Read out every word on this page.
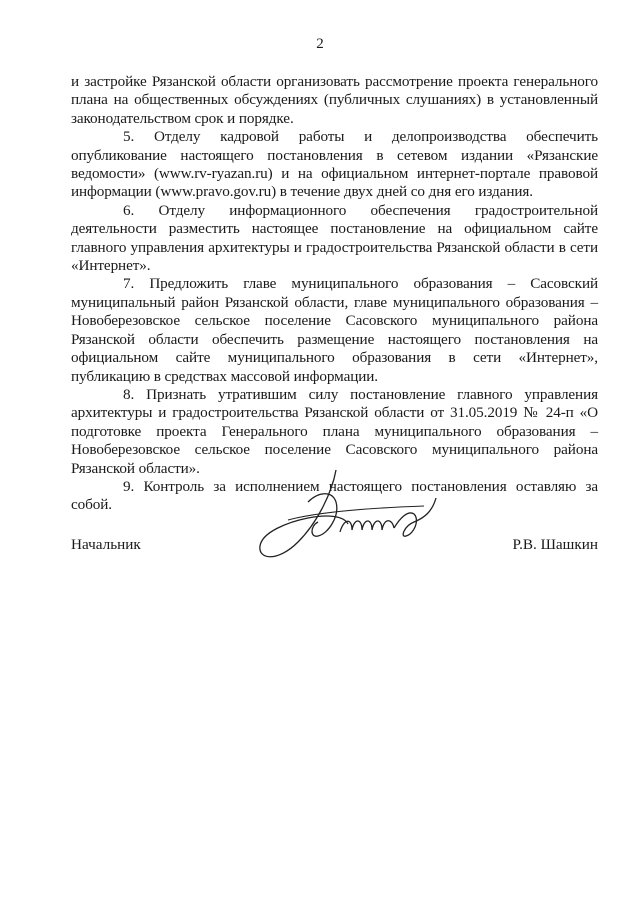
2

и застройке Рязанской области организовать рассмотрение проекта генерального плана на общественных обсуждениях (публичных слушаниях) в установленный законодательством срок и порядке.

5. Отделу кадровой работы и делопроизводства обеспечить опубликование настоящего постановления в сетевом издании «Рязанские ведомости» (www.rv-ryazan.ru) и на официальном интернет-портале правовой информации (www.pravo.gov.ru) в течение двух дней со дня его издания.

6. Отделу информационного обеспечения градостроительной деятельности разместить настоящее постановление на официальном сайте главного управления архитектуры и градостроительства Рязанской области в сети «Интернет».

7. Предложить главе муниципального образования – Сасовский муниципальный район Рязанской области, главе муниципального образования – Новоберезовское сельское поселение Сасовского муниципального района Рязанской области обеспечить размещение настоящего постановления на официальном сайте муниципального образования в сети «Интернет», публикацию в средствах массовой информации.

8. Признать утратившим силу постановление главного управления архитектуры и градостроительства Рязанской области от 31.05.2019 № 24-п «О подготовке проекта Генерального плана муниципального образования – Новоберезовское сельское поселение Сасовского муниципального района Рязанской области».

9. Контроль за исполнением настоящего постановления оставляю за собой.

Начальник	Р.В. Шашкин
